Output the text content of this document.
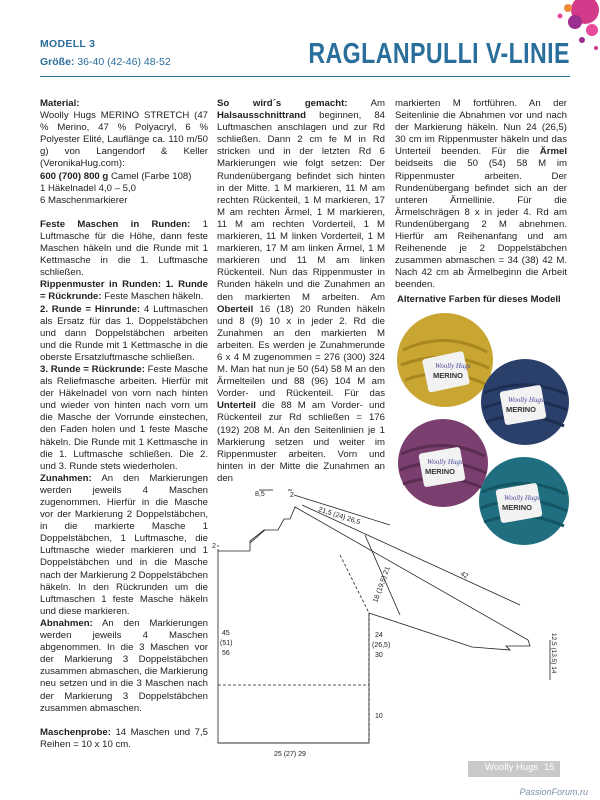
MODELL 3
Größe: 36-40 (42-46) 48-52	RAGLANPULLI V-LINIE

Material:
Woolly Hugs MERINO STRETCH (47 % Merino, 47 % Polyacryl, 6 % Polyester Elité, Lauflänge ca. 110 m/50 g) von Langendorf & Keller (VeronikaHug.com):
600 (700) 800 g Camel (Farbe 108)
1 Häkelnadel 4,0 – 5,0
6 Maschenmarkierer

Feste Maschen in Runden: 1 Luftmasche für die Höhe, dann feste Maschen häkeln und die Runde mit 1 Kettmasche in die 1. Luftmasche schließen.

Rippenmuster in Runden: 1. Runde = Rückrunde: Feste Maschen häkeln.

2. Runde = Hinrunde: 4 Luftmaschen als Ersatz für das 1. Doppelstäbchen und dann Doppelstäbchen arbeiten und die Runde mit 1 Kettmasche in die oberste Ersatzluftmasche schließen.

3. Runde = Rückrunde: Feste Masche als Reliefmasche arbeiten. Hierfür mit der Häkelnadel von vorn nach hinten und wieder von hinten nach vorn um die Masche der Vorrunde einstechen, den Faden holen und 1 feste Masche häkeln. Die Runde mit 1 Kettmasche in die 1. Luftmasche schließen. Die 2. und 3. Runde stets wiederholen.

Zunahmen: An den Markierungen werden jeweils 4 Maschen zugenommen. Hierfür in die Masche vor der Markierung 2 Doppelstäbchen, in die markierte Masche 1 Doppelstäbchen, 1 Luftmasche, die Luftmasche wieder markieren und 1 Doppelstäbchen und in die Masche nach der Markierung 2 Doppelstäbchen häkeln. In den Rückrunden um die Luftmaschen 1 feste Masche häkeln und diese markieren.

Abnahmen: An den Markierungen werden jeweils 4 Maschen abgenommen. In die 3 Maschen vor der Markierung 3 Doppelstäbchen zusammen abmaschen, die Markierung neu setzen und in die 3 Maschen nach der Markierung 3 Doppelstäbchen zusammen abmaschen.

Maschenprobe: 14 Maschen und 7,5 Reihen = 10 x 10 cm.

So wird´s gemacht: Am Halsausschnittrand beginnen, 84 Luftmaschen anschlagen und zur Rd schließen. Dann 2 cm fe M in Rd stricken und in der letzten Rd 6 Markierungen wie folgt setzen: Der Rundenübergang befindet sich hinten in der Mitte. 1 M markieren, 11 M am rechten Rückenteil, 1 M markieren, 17 M am rechten Ärmel, 1 M markieren, 11 M am rechten Vorderteil, 1 M markieren, 11 M linken Vorderteil, 1 M markieren, 17 M am linken Ärmel, 1 M markieren und 11 M am linken Rückenteil. Nun das Rippenmuster in Runden häkeln und die Zunahmen an den markierten M arbeiten. Am Oberteil 16 (18) 20 Runden häkeln und 8 (9) 10 x in jeder 2. Rd die Zunahmen an den markierten M arbeiten. Es werden je Zunahmerunde 6 x 4 M zugenommen = 276 (300) 324 M. Man hat nun je 50 (54) 58 M an den Ärmelteilen und 88 (96) 104 M am Vorder- und Rückenteil. Für das Unterteil die 88 M am Vorder- und Rückenteil zur Rd schließen = 176 (192) 208 M. An den Seitenlinien je 1 Markierung setzen und weiter im Rippenmuster arbeiten. Vorn und hinten in der Mitte die Zunahmen an den

markierten M fortführen. An der Seitenlinie die Abnahmen vor und nach der Markierung häkeln. Nun 24 (26,5) 30 cm im Rippenmuster häkeln und das Unterteil beenden. Für die Ärmel beidseits die 50 (54) 58 M im Rippenmuster arbeiten. Der Rundenübergang befindet sich an der unteren Ärmellinie. Für die Ärmelschrägen 8 x in jeder 4. Rd am Rundenübergang 2 M abnehmen. Hierfür am Reihenanfang und am Reihenende je 2 Doppelstäbchen zusammen abmaschen = 34 (38) 42 M. Nach 42 cm ab Ärmelbeginn die Arbeit beenden.

Alternative Farben für dieses Modell
Woolly Hugs
MERINO
Woolly Hugs
MERINO
Woolly Hugs
MERINO
Woolly Hugs
MERINO
8,5	2
2
21,5 (24) 26,5
18 (19,5) 21	42
12,5 (13,5) 14
45
(51)
56
24
(26,5)
30
10
25 (27) 29
Woolly Hugs 15
PassionForum.ru
